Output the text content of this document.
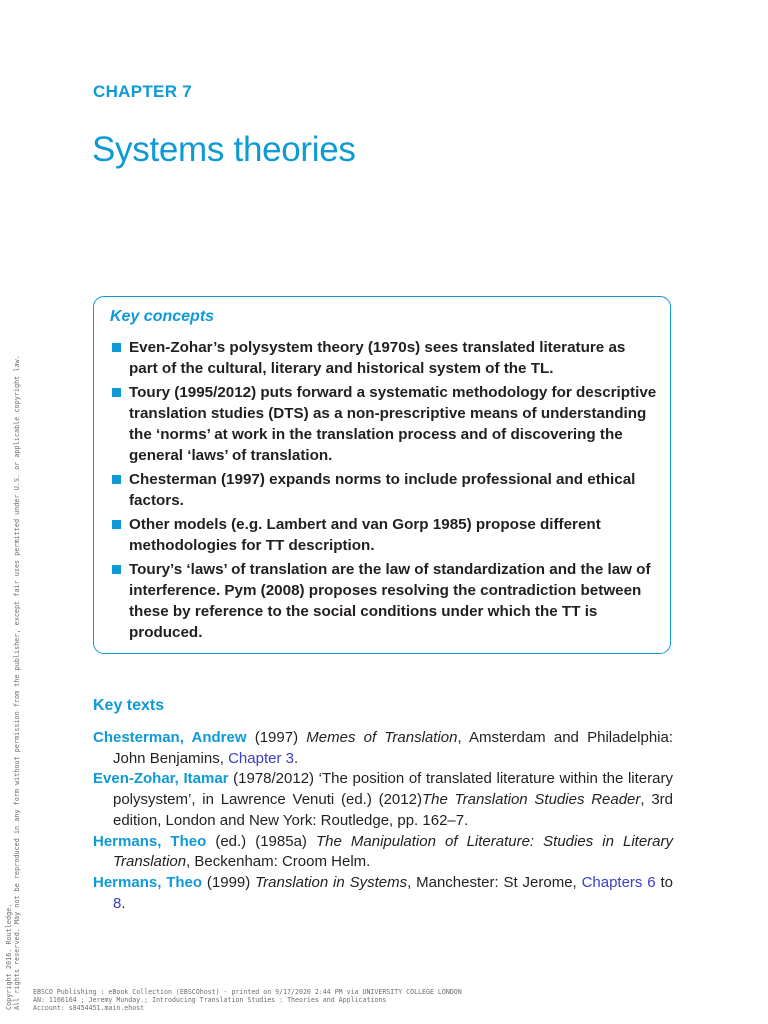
CHAPTER 7
Systems theories
Key concepts
Even-Zohar’s polysystem theory (1970s) sees translated literature as part of the cultural, literary and historical system of the TL.
Toury (1995/2012) puts forward a systematic methodology for descriptive translation studies (DTS) as a non-prescriptive means of understanding the ‘norms’ at work in the translation process and of discovering the general ‘laws’ of translation.
Chesterman (1997) expands norms to include professional and ethical factors.
Other models (e.g. Lambert and van Gorp 1985) propose different methodologies for TT description.
Toury’s ‘laws’ of translation are the law of standardization and the law of interference. Pym (2008) proposes resolving the contradiction between these by reference to the social conditions under which the TT is produced.
Key texts
Chesterman, Andrew (1997) Memes of Translation, Amsterdam and Philadelphia: John Benjamins, Chapter 3.
Even-Zohar, Itamar (1978/2012) ‘The position of translated literature within the literary polysystem’, in Lawrence Venuti (ed.) (2012)The Translation Studies Reader, 3rd edition, London and New York: Routledge, pp. 162–7.
Hermans, Theo (ed.) (1985a) The Manipulation of Literature: Studies in Literary Translation, Beckenham: Croom Helm.
Hermans, Theo (1999) Translation in Systems, Manchester: St Jerome, Chapters 6 to 8.
Copyright 2016. Routledge. All rights reserved. May not be reproduced in any form without permission from the publisher, except fair uses permitted under U.S. or applicable copyright law. EBSCO Publishing : eBook Collection (EBSCOhost) - printed on 9/17/2020 2:44 PM via UNIVERSITY COLLEGE LONDON
AN: 1166164 ; Jeremy Munday.; Introducing Translation Studies : Theories and Applications
Account: s8454451.main.ehost
